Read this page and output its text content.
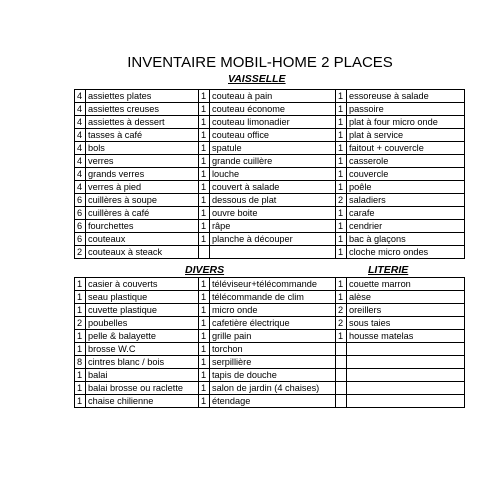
INVENTAIRE MOBIL-HOME 2 PLACES
VAISSELLE
4	assiettes plates	1	couteau à pain	1	essoreuse à salade
4	assiettes creuses	1	couteau économe	1	passoire
4	assiettes à dessert	1	couteau limonadier	1	plat à four micro onde
4	tasses à café	1	couteau office	1	plat à service
4	bols	1	spatule	1	faitout + couvercle
4	verres	1	grande cuillère	1	casserole
4	grands verres	1	louche	1	couvercle
4	verres à pied	1	couvert à salade	1	poêle
6	cuillères à soupe	1	dessous de plat	2	saladiers
6	cuillères à café	1	ouvre boite	1	carafe
6	fourchettes	1	râpe	1	cendrier
6	couteaux	1	planche à découper	1	bac à glaçons
2	couteaux à steack			1	cloche micro ondes
DIVERS	LITERIE
1	casier à couverts	1	téléviseur+télécommande	1	couette marron
1	seau plastique	1	télécommande de clim	1	alèse
1	cuvette plastique	1	micro onde	2	oreillers
2	poubelles	1	cafetière électrique	2	sous taies
1	pelle & balayette	1	grille pain	1	housse matelas
1	brosse W.C	1	torchon		
8	cintres blanc / bois	1	serpillière		
1	balai	1	tapis de douche		
1	balai brosse ou raclette	1	salon de jardin (4 chaises)		
1	chaise chilienne	1	étendage		
